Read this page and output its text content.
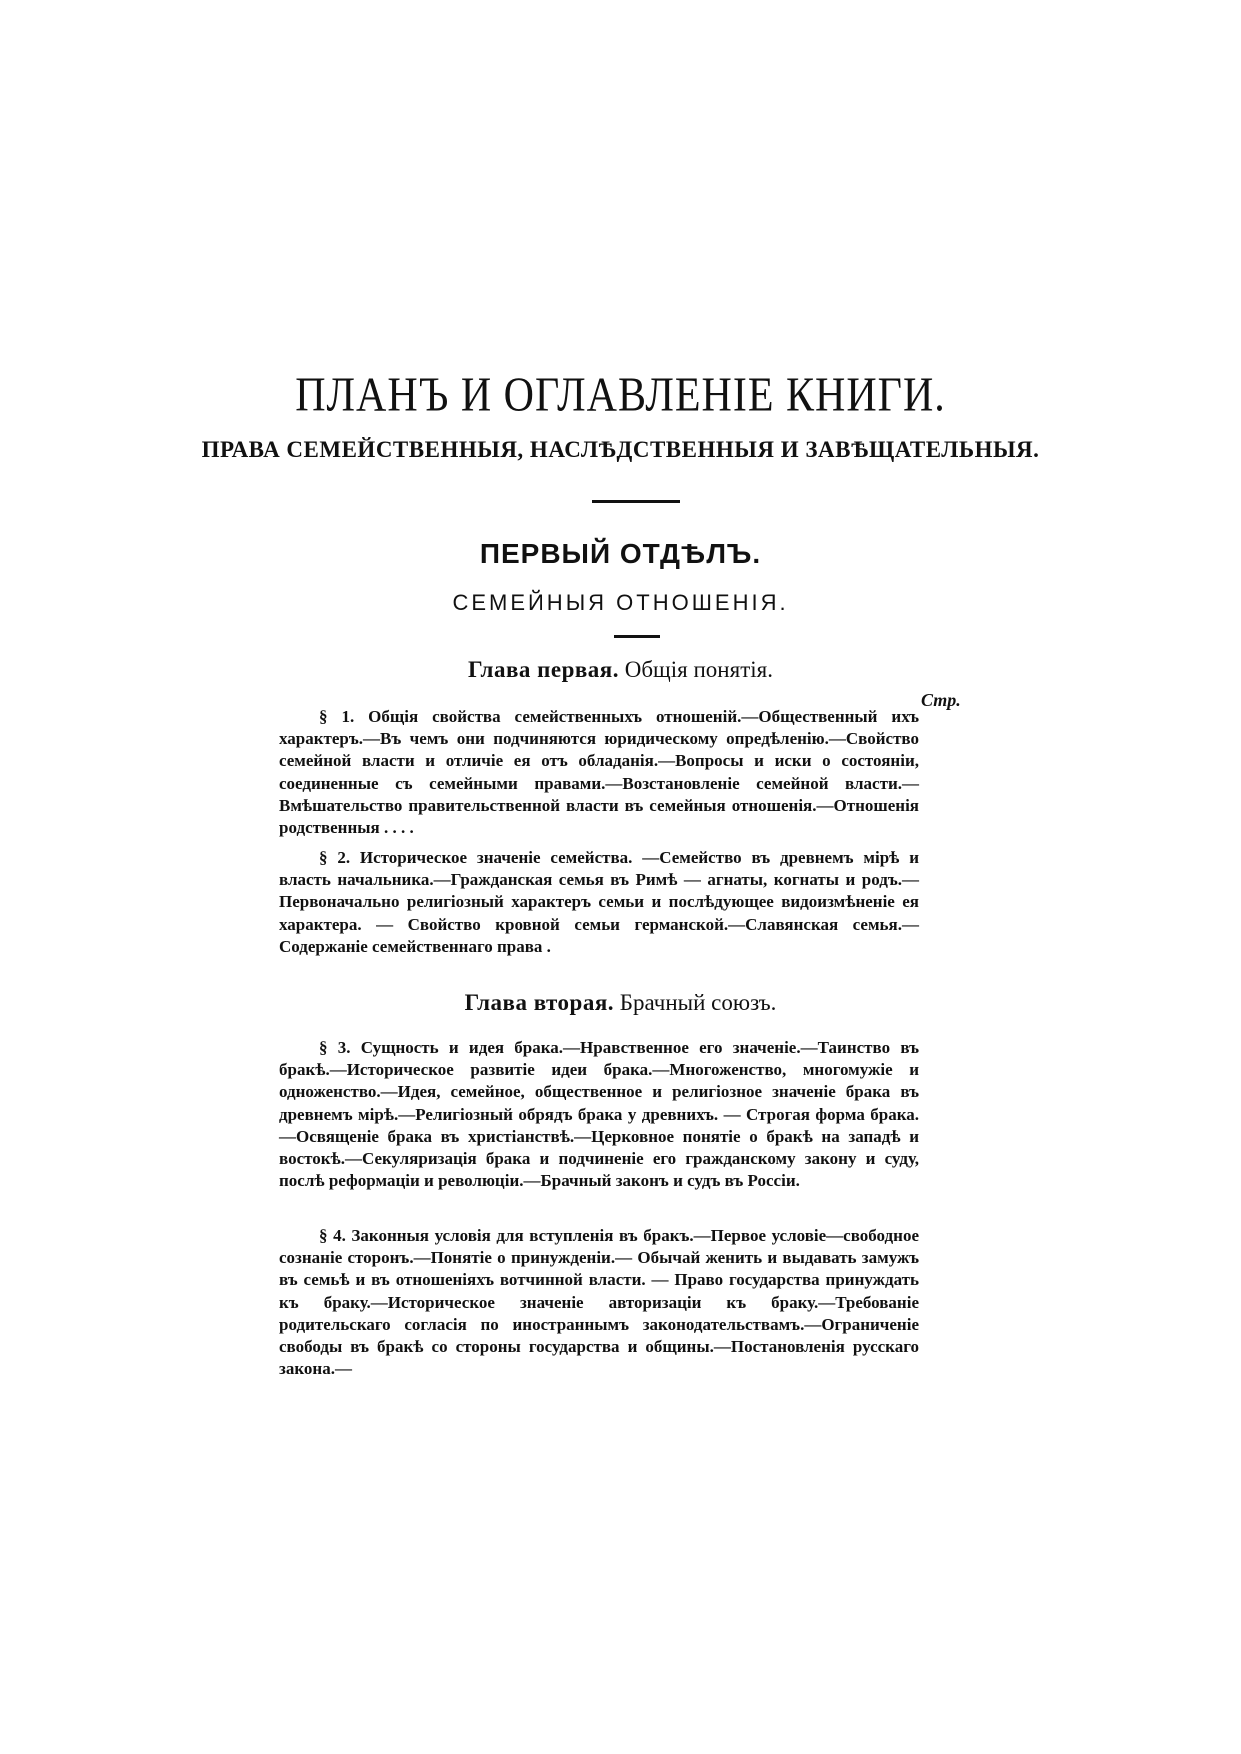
ПЛАНЪ И ОГЛАВЛЕНІЕ КНИГИ.
ПРАВА СЕМЕЙСТВЕННЫЯ, НАСЛѢДСТВЕННЫЯ И ЗАВѢЩАТЕЛЬНЫЯ.
ПЕРВЫЙ ОТДѢЛЪ.
СЕМЕЙНЫЯ ОТНОШЕНІЯ.
Глава первая. Общія понятія.
Стр.
§ 1. Общія свойства семейственныхъ отношеній.—Общественный ихъ характеръ.—Въ чемъ они подчиняются юридическому опредѣленію.—Свойство семейной власти и отличіе ея отъ обладанія.—Вопросы и иски о состояніи, соединенные съ семейными правами.—Возстановленіе семейной власти.—Вмѣшательство правительственной власти въ семейныя отношенія.—Отношенія родственныя . . . .
§ 2. Историческое значеніе семейства. —Семейство въ древнемъ мірѣ и власть начальника.—Гражданская семья въ Римѣ — агнаты, когнаты и родъ.—Первоначально религіозный характеръ семьи и послѣдующее видоизмѣненіе ея характера. — Свойство кровной семьи германской.—Славянская семья.—Содержаніе семейственнаго права .
Глава вторая. Брачный союзъ.
§ 3. Сущность и идея брака.—Нравственное его значеніе.—Таинство въ бракѣ.—Историческое развитіе идеи брака.—Многоженство, многомужіе и одноженство.—Идея, семейное, общественное и религіозное значеніе брака въ древнемъ мірѣ.—Религіозный обрядъ брака у древнихъ. — Строгая форма брака.—Освященіе брака въ христіанствѣ.—Церковное понятіе о бракѣ на западѣ и востокѣ.—Секуляризація брака и подчиненіе его гражданскому закону и суду, послѣ реформаціи и революціи.—Брачный законъ и судъ въ Россіи.
§ 4. Законныя условія для вступленія въ бракъ.—Первое условіе—свободное сознаніе сторонъ.—Понятіе о принужденіи.— Обычай женить и выдавать замужъ въ семьѣ и въ отношеніяхъ вотчинной власти. — Право государства принуждать къ браку.—Историческое значеніе авторизаціи къ браку.—Требованіе родительскаго согласія по иностраннымъ законодательствамъ.—Ограниченіе свободы въ бракѣ со стороны государства и общины.—Постановленія русскаго закона.—
